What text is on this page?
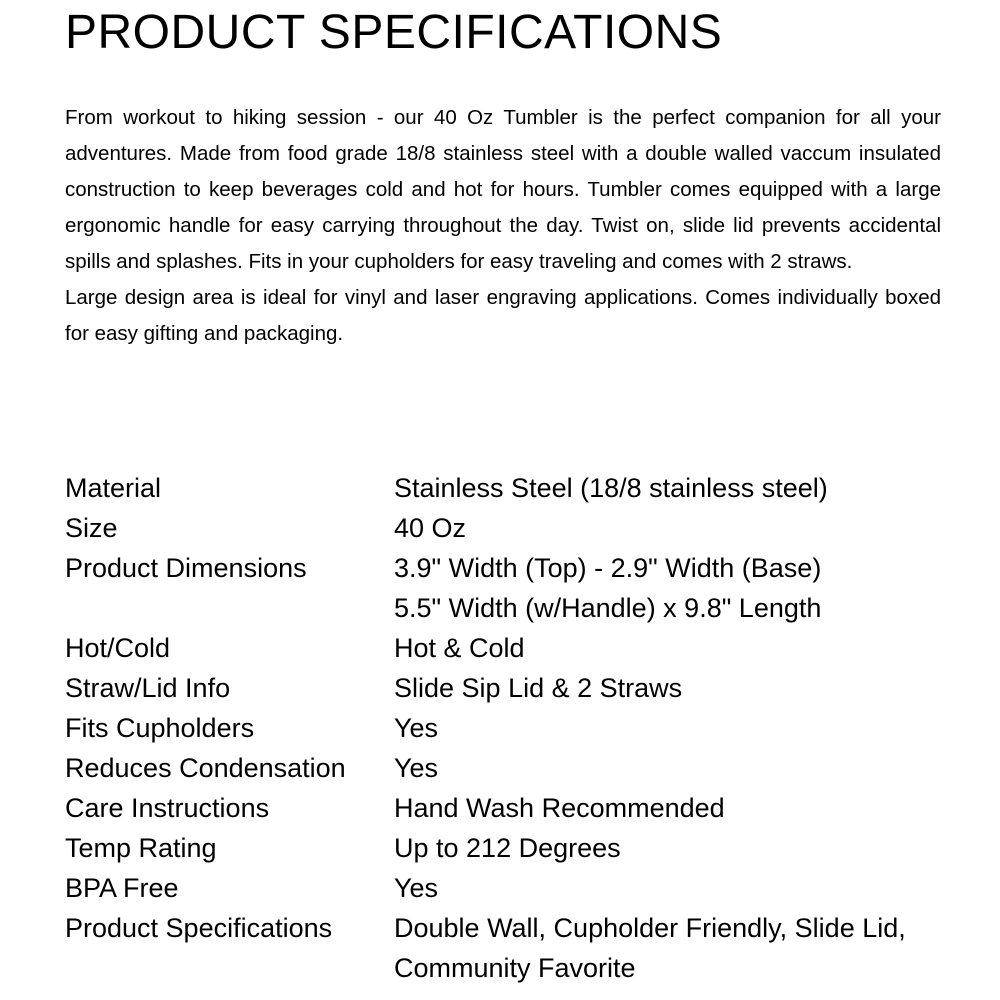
PRODUCT SPECIFICATIONS

From workout to hiking session - our 40 Oz Tumbler is the perfect companion for all your adventures. Made from food grade 18/8 stainless steel with a double walled vaccum insulated construction to keep beverages cold and hot for hours. Tumbler comes equipped with a large ergonomic handle for easy carrying throughout the day. Twist on, slide lid prevents accidental spills and splashes. Fits in your cupholders for easy traveling and comes with 2 straws.

Large design area is ideal for vinyl and laser engraving applications. Comes individually boxed for easy gifting and packaging.

Material	Stainless Steel (18/8 stainless steel)
Size	40 Oz
Product Dimensions	3.9" Width (Top) - 2.9" Width (Base)
5.5" Width (w/Handle) x 9.8" Length

Hot/Cold	Hot & Cold
Straw/Lid Info	Slide Sip Lid & 2 Straws
Fits Cupholders	Yes
Reduces Condensation	Yes
Care Instructions	Hand Wash Recommended
Temp Rating	Up to 212 Degrees
BPA Free	Yes
Product Specifications	Double Wall, Cupholder Friendly, Slide Lid,
Community Favorite
